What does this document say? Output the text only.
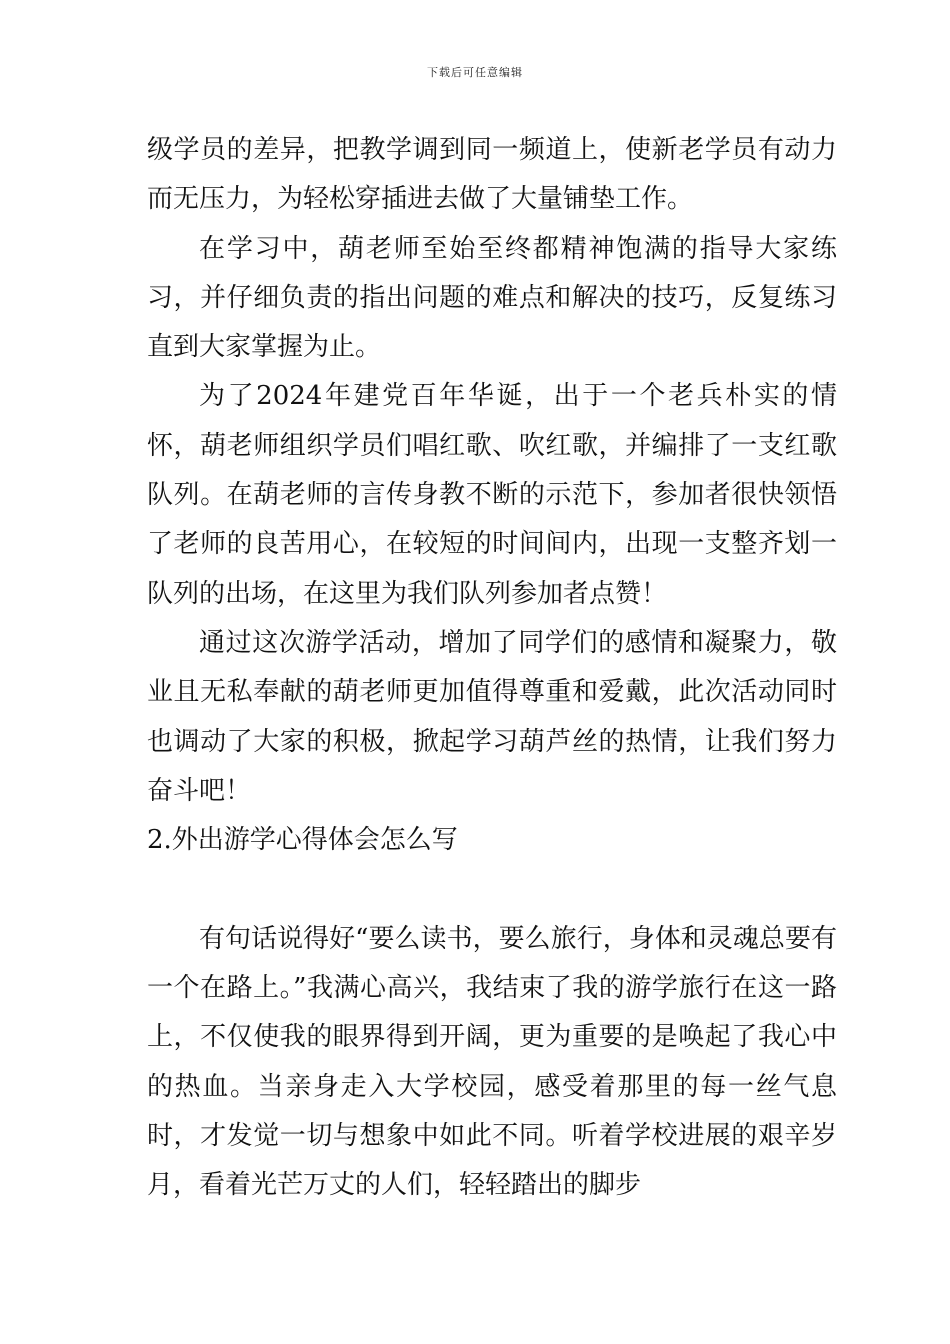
下载后可任意编辑

级学员的差异，把教学调到同一频道上，使新老学员有动力而无压力，为轻松穿插进去做了大量铺垫工作。

在学习中，葫老师至始至终都精神饱满的指导大家练习，并仔细负责的指出问题的难点和解决的技巧，反复练习直到大家掌握为止。

为了2024年建党百年华诞，出于一个老兵朴实的情怀，葫老师组织学员们唱红歌、吹红歌，并编排了一支红歌队列。在葫老师的言传身教不断的示范下，参加者很快领悟了老师的良苦用心，在较短的时间间内，出现一支整齐划一队列的出场，在这里为我们队列参加者点赞！

通过这次游学活动，增加了同学们的感情和凝聚力，敬业且无私奉献的葫老师更加值得尊重和爱戴，此次活动同时也调动了大家的积极，掀起学习葫芦丝的热情，让我们努力奋斗吧！

2.外出游学心得体会怎么写

有句话说得好“要么读书，要么旅行，身体和灵魂总要有一个在路上。”我满心高兴，我结束了我的游学旅行在这一路上，不仅使我的眼界得到开阔，更为重要的是唤起了我心中的热血。当亲身走入大学校园，感受着那里的每一丝气息时，才发觉一切与想象中如此不同。听着学校进展的艰辛岁月，看着光芒万丈的人们，轻轻踏出的脚步
